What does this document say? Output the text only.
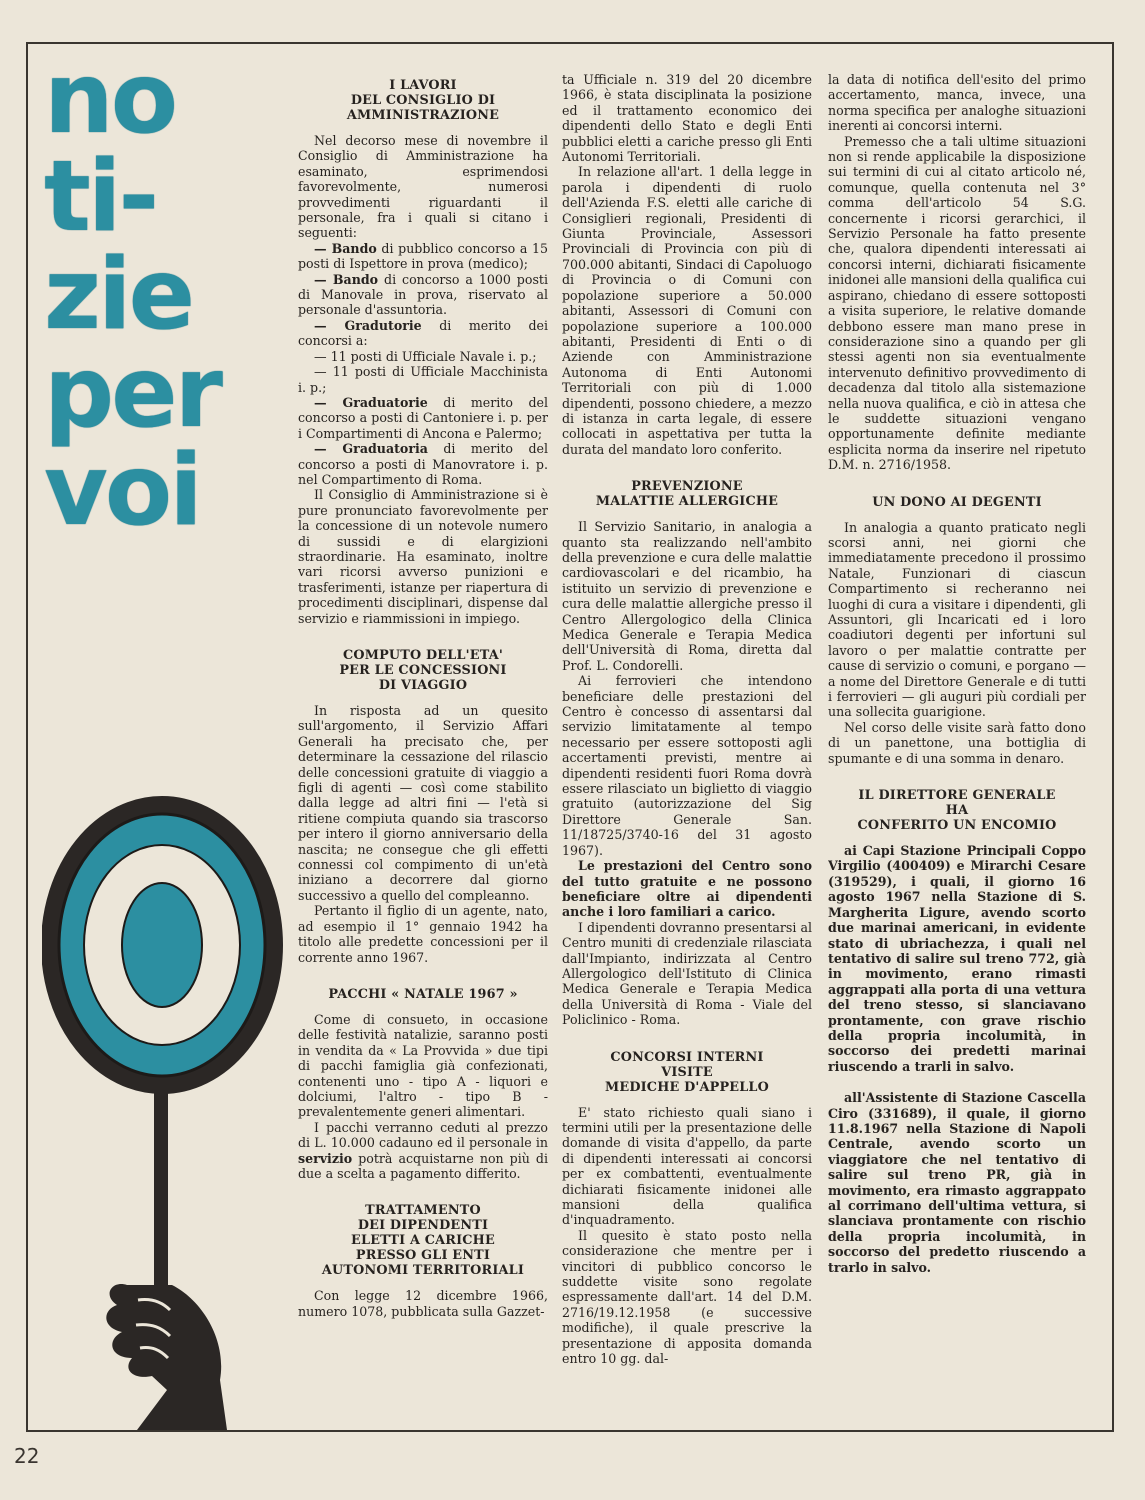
no
ti-
zie
per
voi
I LAVORI
DEL CONSIGLIO DI
AMMINISTRAZIONE

Nel decorso mese di novembre il Consiglio di Amministrazione ha esaminato, esprimendosi favorevolmente, numerosi provvedimenti riguardanti il personale, fra i quali si citano i seguenti:

— Bando di pubblico concorso a 15 posti di Ispettore in prova (medico);

— Bando di concorso a 1000 posti di Manovale in prova, riservato al personale d'assuntoria.

— Gradutorie di merito dei concorsi a:

— 11 posti di Ufficiale Navale i. p.;

— 11 posti di Ufficiale Macchinista i. p.;

— Graduatorie di merito del concorso a posti di Cantoniere i. p. per i Compartimenti di Ancona e Palermo;

— Graduatoria di merito del concorso a posti di Manovratore i. p. nel Compartimento di Roma.

Il Consiglio di Amministrazione si è pure pronunciato favorevolmente per la concessione di un notevole numero di sussidi e di elargizioni straordinarie. Ha esaminato, inoltre vari ricorsi avverso punizioni e trasferimenti, istanze per riapertura di procedimenti disciplinari, dispense dal servizio e riammissioni in impiego.

COMPUTO DELL'ETA'
PER LE CONCESSIONI
DI VIAGGIO

In risposta ad un quesito sull'argomento, il Servizio Affari Generali ha precisato che, per determinare la cessazione del rilascio delle concessioni gratuite di viaggio a figli di agenti — così come stabilito dalla legge ad altri fini — l'età si ritiene compiuta quando sia trascorso per intero il giorno anniversario della nascita; ne consegue che gli effetti connessi col compimento di un'età iniziano a decorrere dal giorno successivo a quello del compleanno.

Pertanto il figlio di un agente, nato, ad esempio il 1° gennaio 1942 ha titolo alle predette concessioni per il corrente anno 1967.

PACCHI « NATALE 1967 »

Come di consueto, in occasione delle festività natalizie, saranno posti in vendita da « La Provvida » due tipi di pacchi famiglia già confezionati, contenenti uno - tipo A - liquori e dolciumi, l'altro - tipo B - prevalentemente generi alimentari.

I pacchi verranno ceduti al prezzo di L. 10.000 cadauno ed il personale in servizio potrà acquistarne non più di due a scelta a pagamento differito.

TRATTAMENTO
DEI DIPENDENTI
ELETTI A CARICHE
PRESSO GLI ENTI
AUTONOMI TERRITORIALI

Con legge 12 dicembre 1966, numero 1078, pubblicata sulla Gazzet-

ta Ufficiale n. 319 del 20 dicembre 1966, è stata disciplinata la posizione ed il trattamento economico dei dipendenti dello Stato e degli Enti pubblici eletti a cariche presso gli Enti Autonomi Territoriali.

In relazione all'art. 1 della legge in parola i dipendenti di ruolo dell'Azienda F.S. eletti alle cariche di Consiglieri regionali, Presidenti di Giunta Provinciale, Assessori Provinciali di Provincia con più di 700.000 abitanti, Sindaci di Capoluogo di Provincia o di Comuni con popolazione superiore a 50.000 abitanti, Assessori di Comuni con popolazione superiore a 100.000 abitanti, Presidenti di Enti o di Aziende con Amministrazione Autonoma di Enti Autonomi Territoriali con più di 1.000 dipendenti, possono chiedere, a mezzo di istanza in carta legale, di essere collocati in aspettativa per tutta la durata del mandato loro conferito.

PREVENZIONE
MALATTIE ALLERGICHE

Il Servizio Sanitario, in analogia a quanto sta realizzando nell'ambito della prevenzione e cura delle malattie cardiovascolari e del ricambio, ha istituito un servizio di prevenzione e cura delle malattie allergiche presso il Centro Allergologico della Clinica Medica Generale e Terapia Medica dell'Università di Roma, diretta dal Prof. L. Condorelli.

Ai ferrovieri che intendono beneficiare delle prestazioni del Centro è concesso di assentarsi dal servizio limitatamente al tempo necessario per essere sottoposti agli accertamenti previsti, mentre ai dipendenti residenti fuori Roma dovrà essere rilasciato un biglietto di viaggio gratuito (autorizzazione del Sig Direttore Generale San. 11/18725/3740-16 del 31 agosto 1967).

Le prestazioni del Centro sono del tutto gratuite e ne possono beneficiare oltre ai dipendenti anche i loro familiari a carico.

I dipendenti dovranno presentarsi al Centro muniti di credenziale rilasciata dall'Impianto, indirizzata al Centro Allergologico dell'Istituto di Clinica Medica Generale e Terapia Medica della Università di Roma - Viale del Policlinico - Roma.

CONCORSI INTERNI
VISITE
MEDICHE D'APPELLO

E' stato richiesto quali siano i termini utili per la presentazione delle domande di visita d'appello, da parte di dipendenti interessati ai concorsi per ex combattenti, eventualmente dichiarati fisicamente inidonei alle mansioni della qualifica d'inquadramento.

Il quesito è stato posto nella considerazione che mentre per i vincitori di pubblico concorso le suddette visite sono regolate espressamente dall'art. 14 del D.M. 2716/19.12.1958 (e successive modifiche), il quale prescrive la presentazione di apposita domanda entro 10 gg. dal-

la data di notifica dell'esito del primo accertamento, manca, invece, una norma specifica per analoghe situazioni inerenti ai concorsi interni.

Premesso che a tali ultime situazioni non si rende applicabile la disposizione sui termini di cui al citato articolo né, comunque, quella contenuta nel 3° comma dell'articolo 54 S.G. concernente i ricorsi gerarchici, il Servizio Personale ha fatto presente che, qualora dipendenti interessati ai concorsi interni, dichiarati fisicamente inidonei alle mansioni della qualifica cui aspirano, chiedano di essere sottoposti a visita superiore, le relative domande debbono essere man mano prese in considerazione sino a quando per gli stessi agenti non sia eventualmente intervenuto definitivo provvedimento di decadenza dal titolo alla sistemazione nella nuova qualifica, e ciò in attesa che le suddette situazioni vengano opportunamente definite mediante esplicita norma da inserire nel ripetuto D.M. n. 2716/1958.

UN DONO AI DEGENTI

In analogia a quanto praticato negli scorsi anni, nei giorni che immediatamente precedono il prossimo Natale, Funzionari di ciascun Compartimento si recheranno nei luoghi di cura a visitare i dipendenti, gli Assuntori, gli Incaricati ed i loro coadiutori degenti per infortuni sul lavoro o per malattie contratte per cause di servizio o comuni, e porgano — a nome del Direttore Generale e di tutti i ferrovieri — gli auguri più cordiali per una sollecita guarigione.

Nel corso delle visite sarà fatto dono di un panettone, una bottiglia di spumante e di una somma in denaro.

IL DIRETTORE GENERALE
HA
CONFERITO UN ENCOMIO

ai Capi Stazione Principali Coppo Virgilio (400409) e Mirarchi Cesare (319529), i quali, il giorno 16 agosto 1967 nella Stazione di S. Margherita Ligure, avendo scorto due marinai americani, in evidente stato di ubriachezza, i quali nel tentativo di salire sul treno 772, già in movimento, erano rimasti aggrappati alla porta di una vettura del treno stesso, si slanciavano prontamente, con grave rischio della propria incolumità, in soccorso dei predetti marinai riuscendo a trarli in salvo.

all'Assistente di Stazione Cascella Ciro (331689), il quale, il giorno 11.8.1967 nella Stazione di Napoli Centrale, avendo scorto un viaggiatore che nel tentativo di salire sul treno PR, già in movimento, era rimasto aggrappato al corrimano dell'ultima vettura, si slanciava prontamente con rischio della propria incolumità, in soccorso del predetto riuscendo a trarlo in salvo.

22
